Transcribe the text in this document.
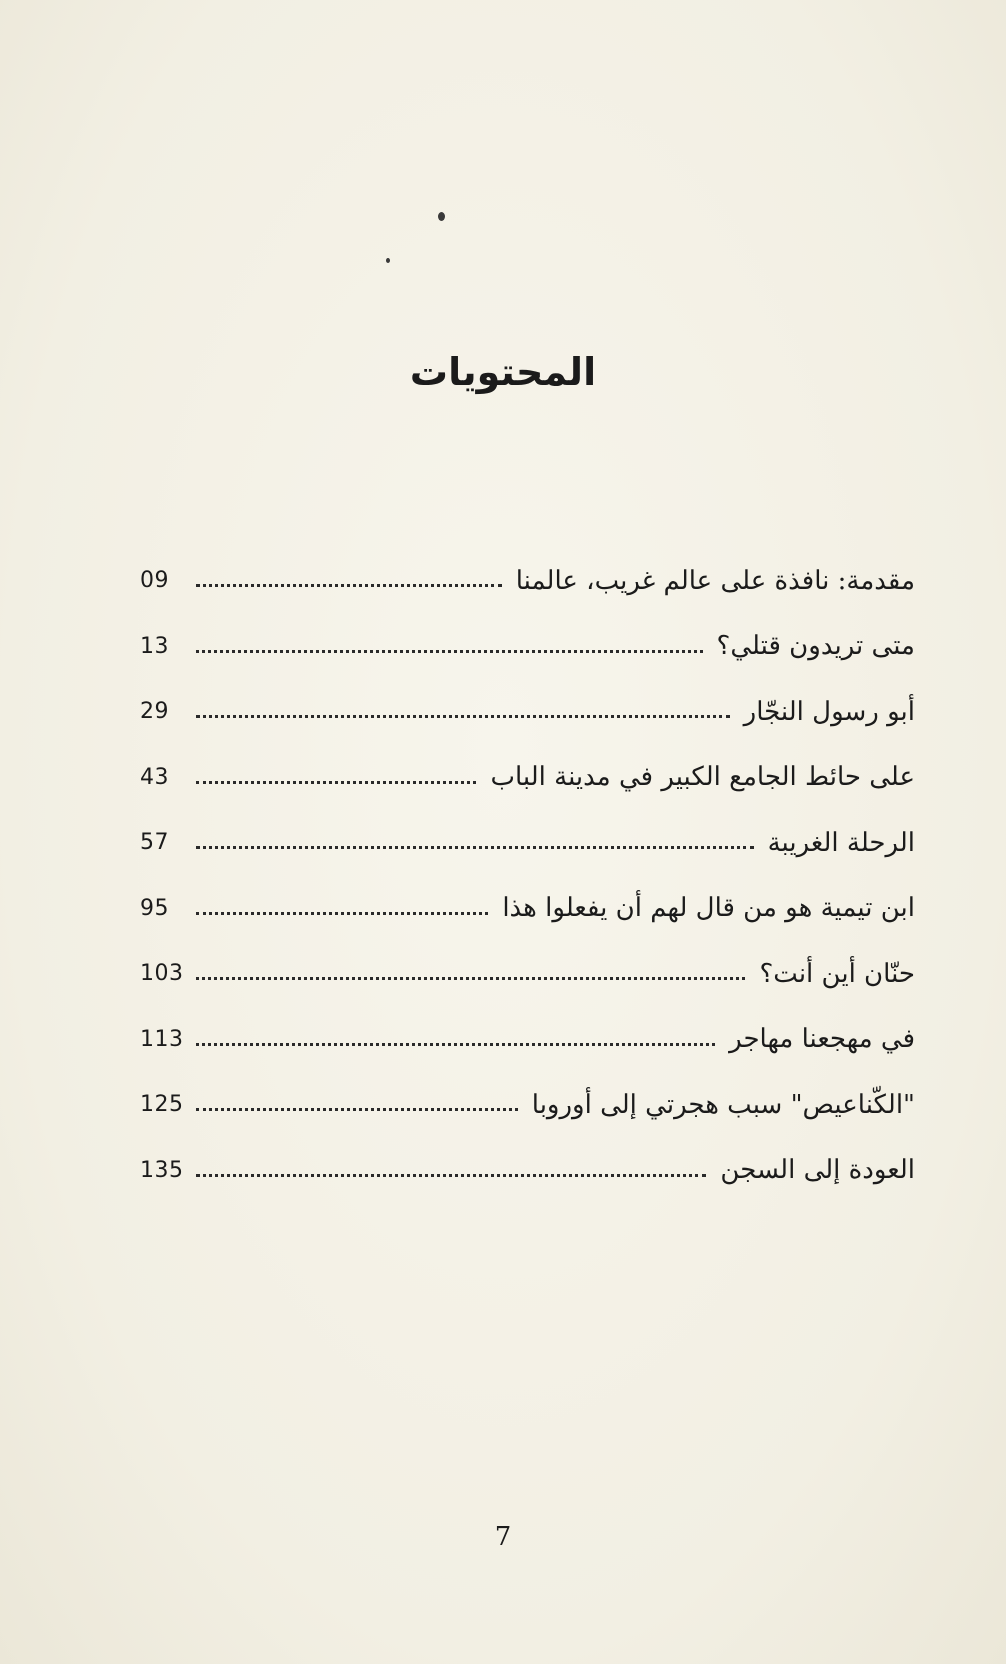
المحتويات
مقدمة: نافذة على عالم غريب، عالمنا
09
متى تريدون قتلي؟
13
أبو رسول النجّار
29
على حائط الجامع الكبير في مدينة الباب
43
الرحلة الغريبة
57
ابن تيمية هو من قال لهم أن يفعلوا هذا
95
حنّان أين أنت؟
103
في مهجعنا مهاجر
113
"الكّناعيص" سبب هجرتي إلى أوروبا
125
العودة إلى السجن
135
7
